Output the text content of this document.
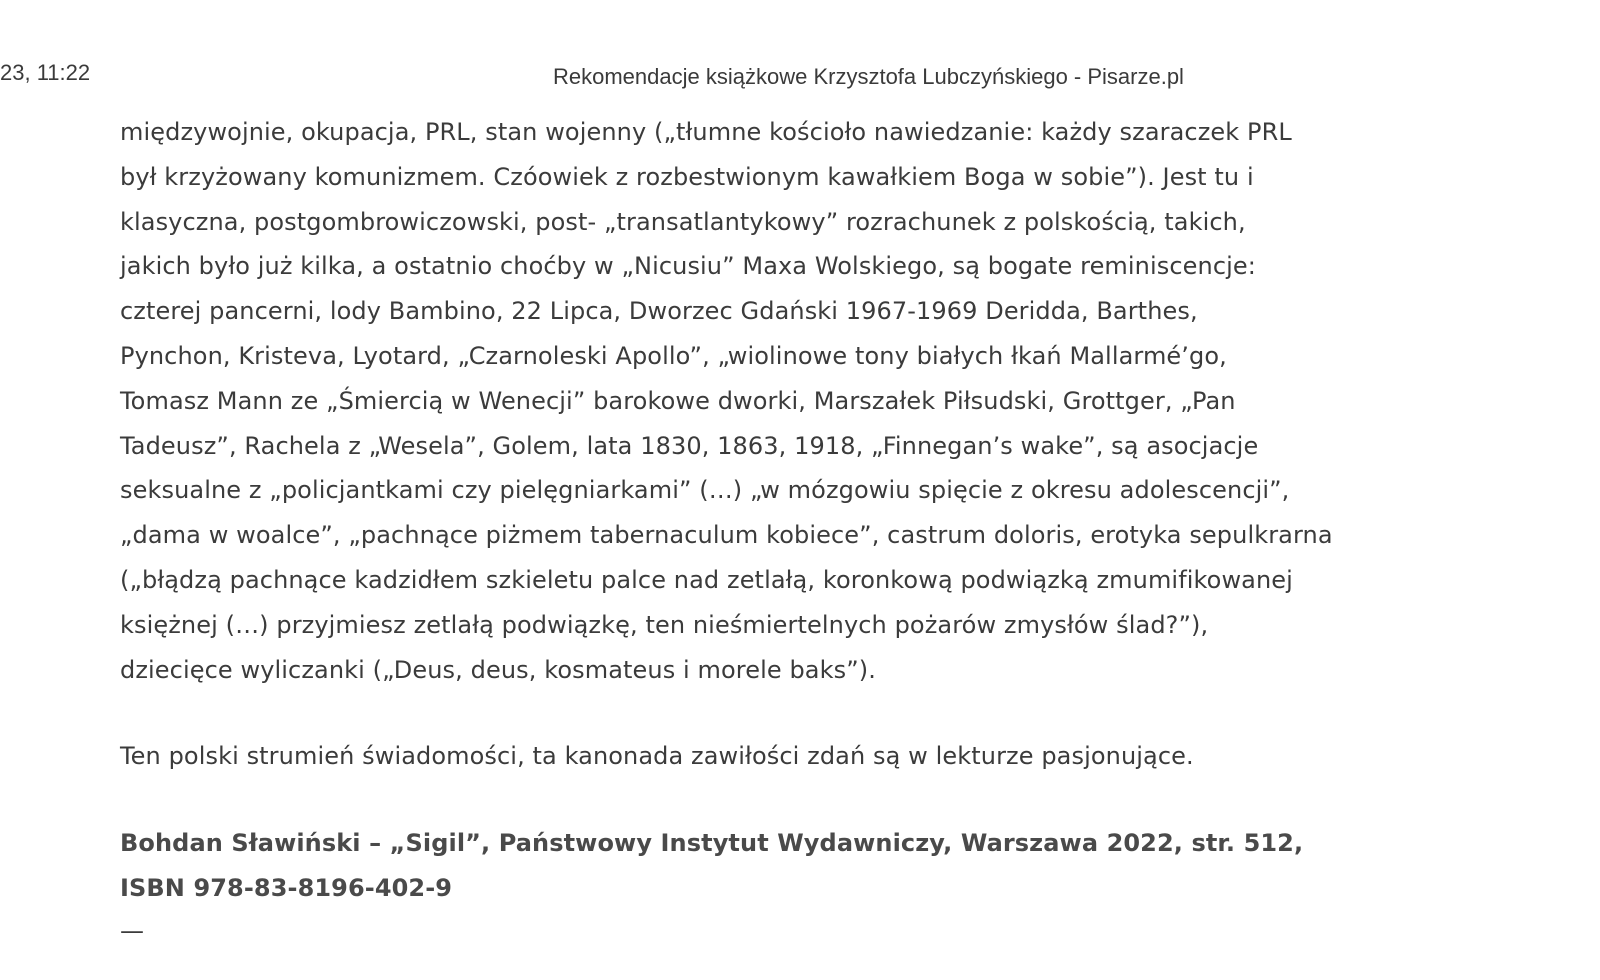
23, 11:22	Rekomendacje książkowe Krzysztofa Lubczyńskiego - Pisarze.pl
międzywojnie, okupacja, PRL, stan wojenny („tłumne kościoło nawiedzanie: każdy szaraczek PRL
był krzyżowany komunizmem. Czóowiek z rozbestwionym kawałkiem Boga w sobie”). Jest tu i
klasyczna, postgombrowiczowski, post- „transatlantykowy” rozrachunek z polskością, takich,
jakich było już kilka, a ostatnio choćby w „Nicusiu” Maxa Wolskiego, są bogate reminiscencje:
czterej pancerni, lody Bambino, 22 Lipca, Dworzec Gdański 1967-1969 Deridda, Barthes,
Pynchon, Kristeva, Lyotard, „Czarnoleski Apollo”, „wiolinowe tony białych łkań Mallarmé’go,
Tomasz Mann ze „Śmiercią w Wenecji” barokowe dworki, Marszałek Piłsudski, Grottger, „Pan
Tadeusz”, Rachela z „Wesela”, Golem, lata 1830, 1863, 1918, „Finnegan’s wake”, są asocjacje
seksualne z „policjantkami czy pielęgniarkami” (…) „w mózgowiu spięcie z okresu adolescencji”,
„dama w woalce”, „pachnące piżmem tabernaculum kobiece”, castrum doloris, erotyka sepulkrarna
(„błądzą pachnące kadzidłem szkieletu palce nad zetlałą, koronkową podwiązką zmumifikowanej
księżnej (…) przyjmiesz zetlałą podwiązkę, ten nieśmiertelnych pożarów zmysłów ślad?”),
dziecięce wyliczanki („Deus, deus, kosmateus i morele baks”).
Ten polski strumień świadomości, ta kanonada zawiłości zdań są w lekturze pasjonujące.
Bohdan Sławiński – „Sigil”, Państwowy Instytut Wydawniczy, Warszawa 2022, str. 512,
ISBN 978-83-8196-402-9
—
